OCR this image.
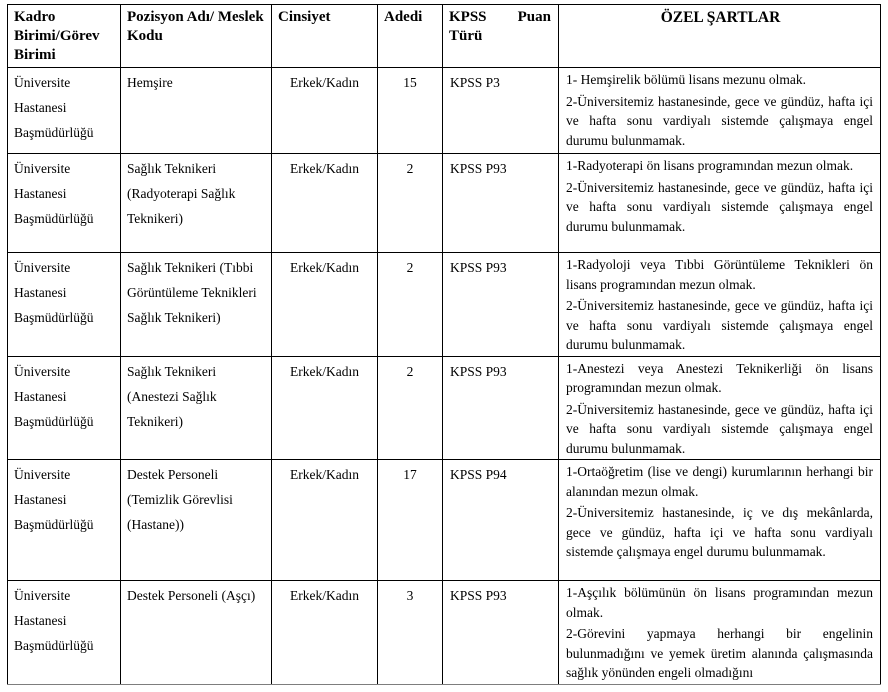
Kadro Birimi/Görev Birimi	Pozisyon Adı/ Meslek Kodu	Cinsiyet	Adedi	KPSS Puan Türü	ÖZEL ŞARTLAR
Üniversite Hastanesi Başmüdürlüğü	Hemşire	Erkek/Kadın	15	KPSS P3	1- Hemşirelik bölümü lisans mezunu olmak.

2-Üniversitemiz hastanesinde, gece ve gündüz, hafta içi ve hafta sonu vardiyalı sistemde çalışmaya engel durumu bulunmamak.

Üniversite Hastanesi Başmüdürlüğü	Sağlık Teknikeri (Radyoterapi Sağlık Teknikeri)	Erkek/Kadın	2	KPSS P93	1-Radyoterapi ön lisans programından mezun olmak.

2-Üniversitemiz hastanesinde, gece ve gündüz, hafta içi ve hafta sonu vardiyalı sistemde çalışmaya engel durumu bulunmamak.

Üniversite Hastanesi Başmüdürlüğü	Sağlık Teknikeri (Tıbbi Görüntüleme Teknikleri Sağlık Teknikeri)	Erkek/Kadın	2	KPSS P93	1-Radyoloji veya Tıbbi Görüntüleme Teknikleri ön lisans programından mezun olmak.

2-Üniversitemiz hastanesinde, gece ve gündüz, hafta içi ve hafta sonu vardiyalı sistemde çalışmaya engel durumu bulunmamak.

Üniversite Hastanesi Başmüdürlüğü	Sağlık Teknikeri (Anestezi Sağlık Teknikeri)	Erkek/Kadın	2	KPSS P93	1-Anestezi veya Anestezi Teknikerliği ön lisans programından mezun olmak.

2-Üniversitemiz hastanesinde, gece ve gündüz, hafta içi ve hafta sonu vardiyalı sistemde çalışmaya engel durumu bulunmamak.

Üniversite Hastanesi Başmüdürlüğü	Destek Personeli (Temizlik Görevlisi (Hastane))	Erkek/Kadın	17	KPSS P94	1-Ortaöğretim (lise ve dengi) kurumlarının herhangi bir alanından mezun olmak.

2-Üniversitemiz hastanesinde, iç ve dış mekânlarda, gece ve gündüz, hafta içi ve hafta sonu vardiyalı sistemde çalışmaya engel durumu bulunmamak.

Üniversite Hastanesi Başmüdürlüğü	Destek Personeli (Aşçı)	Erkek/Kadın	3	KPSS P93	1-Aşçılık bölümünün ön lisans programından mezun olmak.

2-Görevini yapmaya herhangi bir engelinin bulunmadığını ve yemek üretim alanında çalışmasında sağlık yönünden engeli olmadığını
